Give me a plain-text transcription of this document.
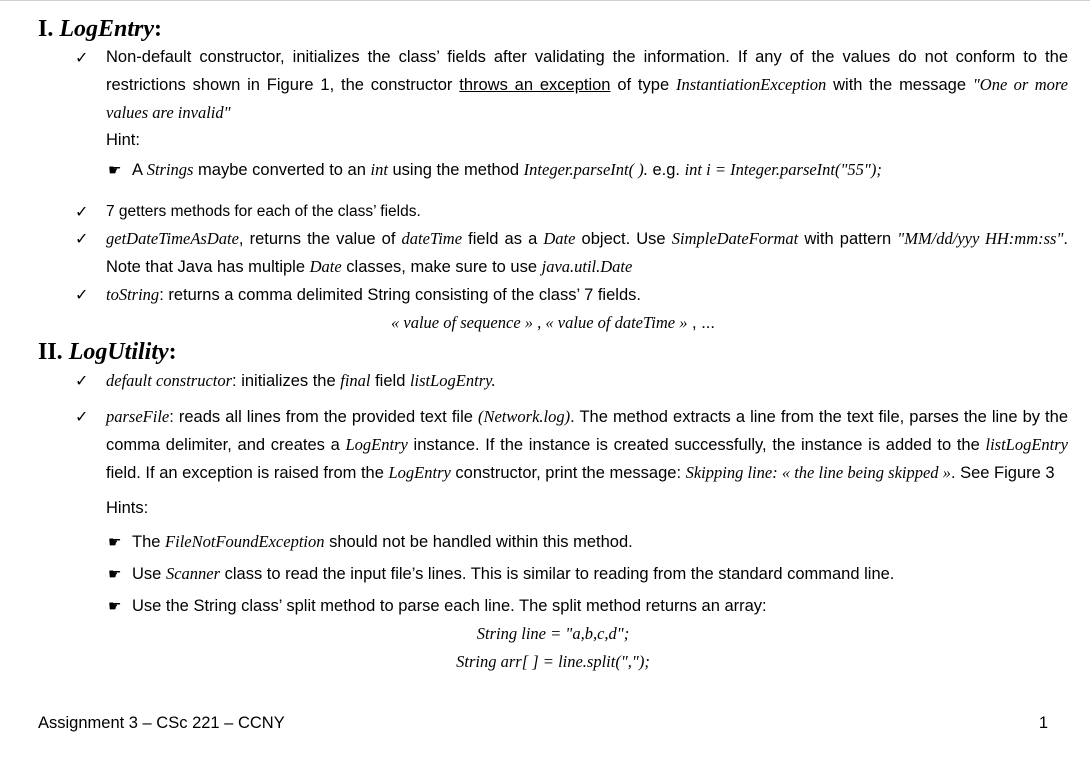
I. LogEntry:
✓ Non-default constructor, initializes the class’ fields after validating the information. If any of the values do not conform to the restrictions shown in Figure 1, the constructor throws an exception of type InstantiationException with the message "One or more values are invalid"
Hint:
☛ A Strings maybe converted to an int using the method Integer.parseInt( ). e.g. int i = Integer.parseInt("55");
✓ 7 getters methods for each of the class’ fields.
✓ getDateTimeAsDate, returns the value of dateTime field as a Date object. Use SimpleDateFormat with pattern "MM/dd/yyy HH:mm:ss". Note that Java has multiple Date classes, make sure to use java.util.Date
✓ toString: returns a comma delimited String consisting of the class’ 7 fields.
« value of sequence » , « value of dateTime » , ...
II. LogUtility:
✓ default constructor: initializes the final field listLogEntry.
✓ parseFile: reads all lines from the provided text file (Network.log). The method extracts a line from the text file, parses the line by the comma delimiter, and creates a LogEntry instance. If the instance is created successfully, the instance is added to the listLogEntry field. If an exception is raised from the LogEntry constructor, print the message: Skipping line: « the line being skipped ». See Figure 3
Hints:
☛ The FileNotFoundException should not be handled within this method.
☛ Use Scanner class to read the input file’s lines. This is similar to reading from the standard command line.
☛ Use the String class’ split method to parse each line. The split method returns an array:
String line = "a,b,c,d";
String arr[ ] = line.split(",");
Assignment 3 – CSc 221 – CCNY	1
